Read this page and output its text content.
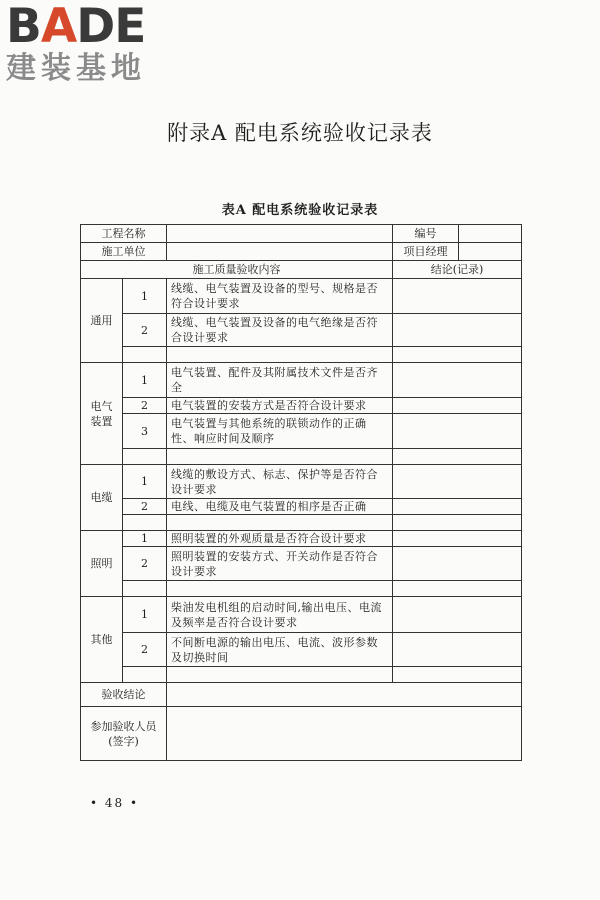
BADE
建装基地
附录A 配电系统验收记录表
表A 配电系统验收记录表
工程名称			编号	
施工单位			项目经理	
施工质量验收内容			结论(记录)	
通用	1	线缆、电气装置及设备的型号、规格是否符合设计要求		
	2	线缆、电气装置及设备的电气绝缘是否符合设计要求		

电气装置	1	电气装置、配件及其附属技术文件是否齐全		
	2	电气装置的安装方式是否符合设计要求		
	3	电气装置与其他系统的联锁动作的正确性、响应时间及顺序		

电缆	1	线缆的敷设方式、标志、保护等是否符合设计要求		
	2	电线、电缆及电气装置的相序是否正确		

照明	1	照明装置的外观质量是否符合设计要求		
	2	照明装置的安装方式、开关动作是否符合设计要求		

其他	1	柴油发电机组的启动时间,输出电压、电流及频率是否符合设计要求		
	2	不间断电源的输出电压、电流、波形参数及切换时间		

验收结论				
参加验收人员
(签字)				
• 48 •
